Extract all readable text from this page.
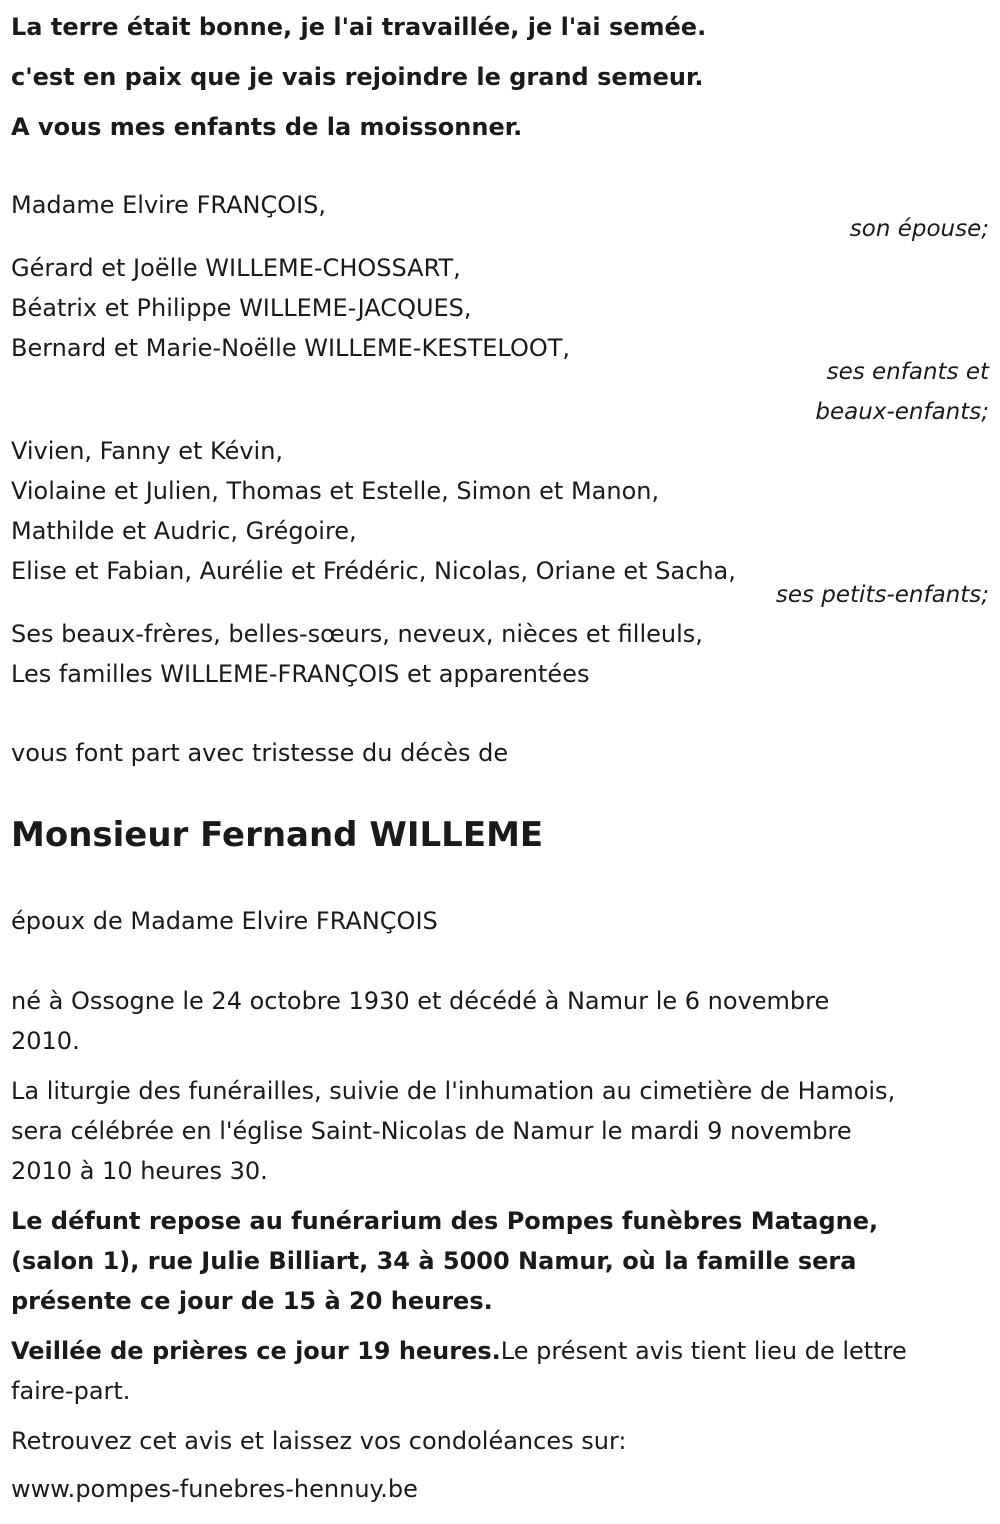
La terre était bonne, je l'ai travaillée, je l'ai semée.
c'est en paix que je vais rejoindre le grand semeur.
A vous mes enfants de la moissonner.
Madame Elvire FRANÇOIS,
son épouse;
Gérard et Joëlle WILLEME-CHOSSART,
Béatrix et Philippe WILLEME-JACQUES,
Bernard et Marie-Noëlle WILLEME-KESTELOOT,
ses enfants et
beaux-enfants;
Vivien, Fanny et Kévin,
Violaine et Julien, Thomas et Estelle, Simon et Manon,
Mathilde et Audric, Grégoire,
Elise et Fabian, Aurélie et Frédéric, Nicolas, Oriane et Sacha,
ses petits-enfants;
Ses beaux-frères, belles-sœurs, neveux, nièces et filleuls,
Les familles WILLEME-FRANÇOIS et apparentées
vous font part avec tristesse du décès de
Monsieur Fernand WILLEME
époux de Madame Elvire FRANÇOIS
né à Ossogne le 24 octobre 1930 et décédé à Namur le 6 novembre
2010.
La liturgie des funérailles, suivie de l'inhumation au cimetière de Hamois,
sera célébrée en l'église Saint-Nicolas de Namur le mardi 9 novembre
2010 à 10 heures 30.
Le défunt repose au funérarium des Pompes funèbres Matagne,
(salon 1), rue Julie Billiart, 34 à 5000 Namur, où la famille sera
présente ce jour de 15 à 20 heures.
Veillée de prières ce jour 19 heures.Le présent avis tient lieu de lettre
faire-part.
Retrouvez cet avis et laissez vos condoléances sur:
www.pompes-funebres-hennuy.be
